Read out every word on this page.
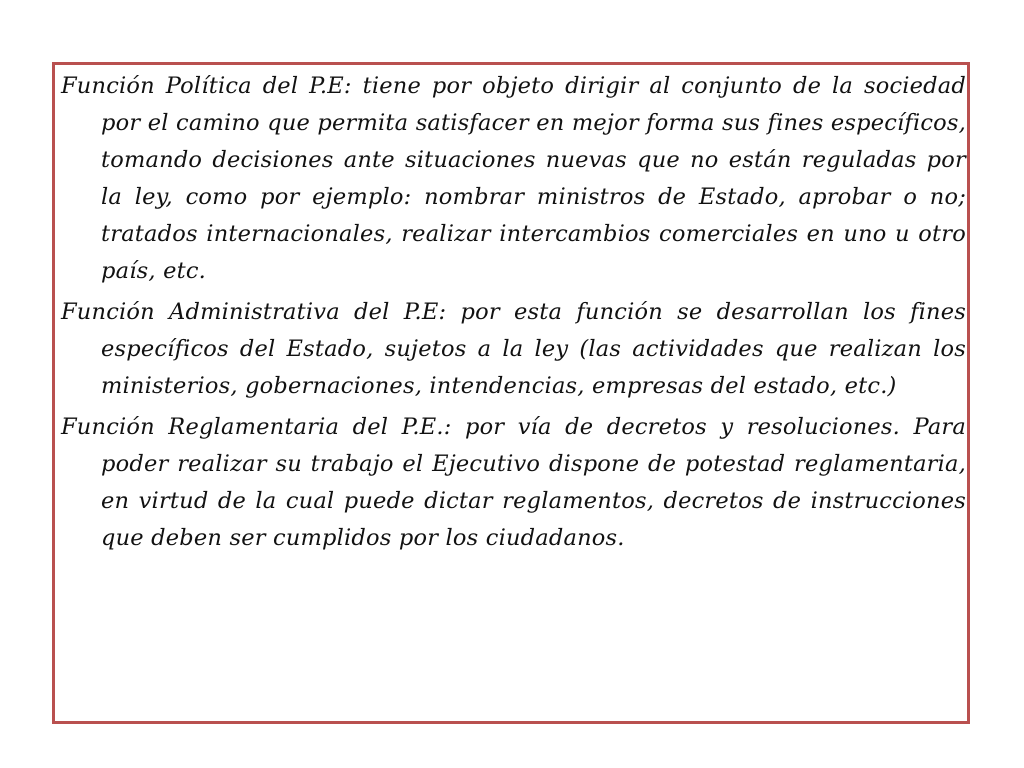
Función Política del P.E: tiene por objeto dirigir al conjunto de la sociedad por el camino que permita satisfacer en mejor forma sus fines específicos, tomando decisiones ante situaciones nuevas que no están reguladas por la ley, como por ejemplo: nombrar ministros de Estado, aprobar o no; tratados internacionales, realizar intercambios comerciales en uno u otro país, etc.

Función Administrativa del P.E: por esta función se desarrollan los fines específicos del Estado, sujetos a la ley (las actividades que realizan los ministerios, gobernaciones, intendencias, empresas del estado, etc.)

Función Reglamentaria del P.E.: por vía de decretos y resoluciones. Para poder realizar su trabajo el Ejecutivo dispone de potestad reglamentaria, en virtud de la cual puede dictar reglamentos, decretos de instrucciones que deben ser cumplidos por los ciudadanos.
